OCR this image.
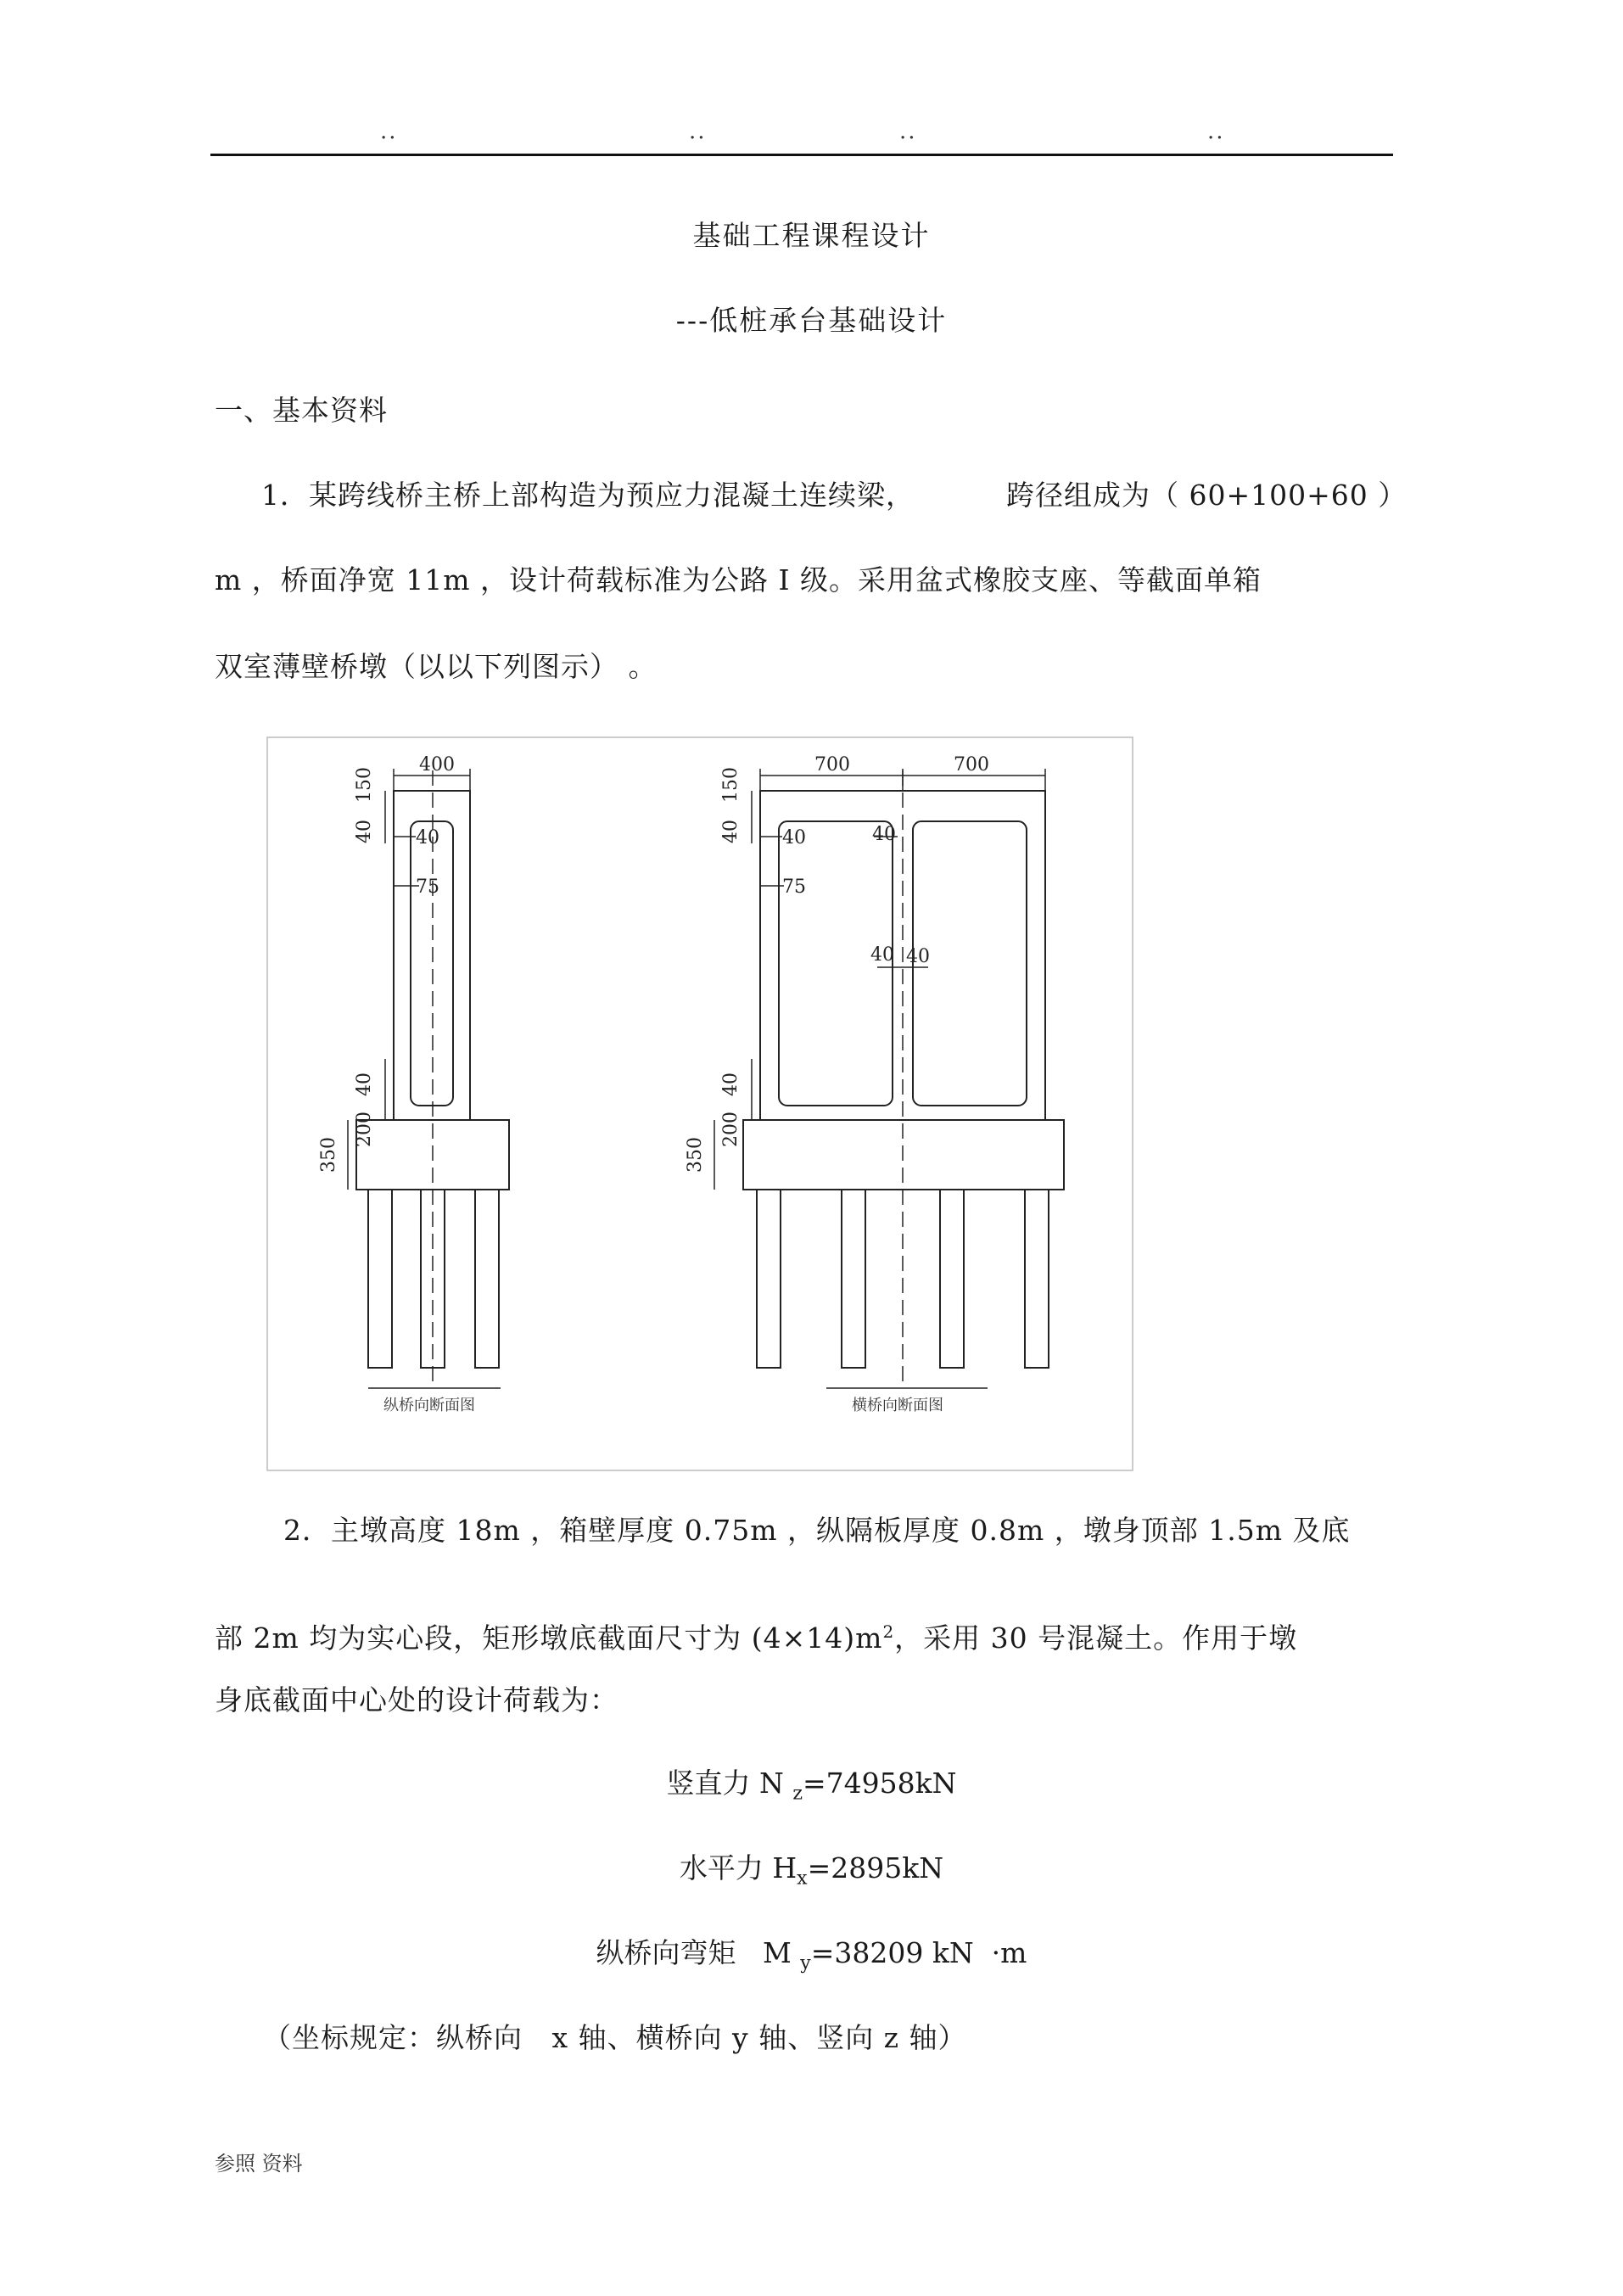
..	..	..	..
基础工程课程设计
---低桩承台基础设计
一、基本资料
1．某跨线桥主桥上部构造为预应力混凝土连续梁，	跨径组成为（ 60+100+60 ）
m ，桥面净宽 11m ，设计荷载标准为公路 I 级。采用盆式橡胶支座、等截面单箱
双室薄壁桥墩（以以下列图示） 。
400
150
40 40
75
40
200
350
纵桥向断面图
700	700
150
40 40	40
75
40 40
40
200
350
横桥向断面图
2．主墩高度 18m ，箱壁厚度 0.75m ，纵隔板厚度 0.8m ，墩身顶部 1.5m 及底
部 2m 均为实心段，矩形墩底截面尺寸为 $(4\times 14)m^2$，采用 30 号混凝土。作用于墩
身底截面中心处的设计荷载为：
竖直力 N $_z$=74958kN
水平力 $H_x=2895kN$
纵桥向弯矩   M $_y$=38209 kN  ·m
（坐标规定：纵桥向   x 轴、横桥向 y 轴、竖向 z 轴）
参照 资料
